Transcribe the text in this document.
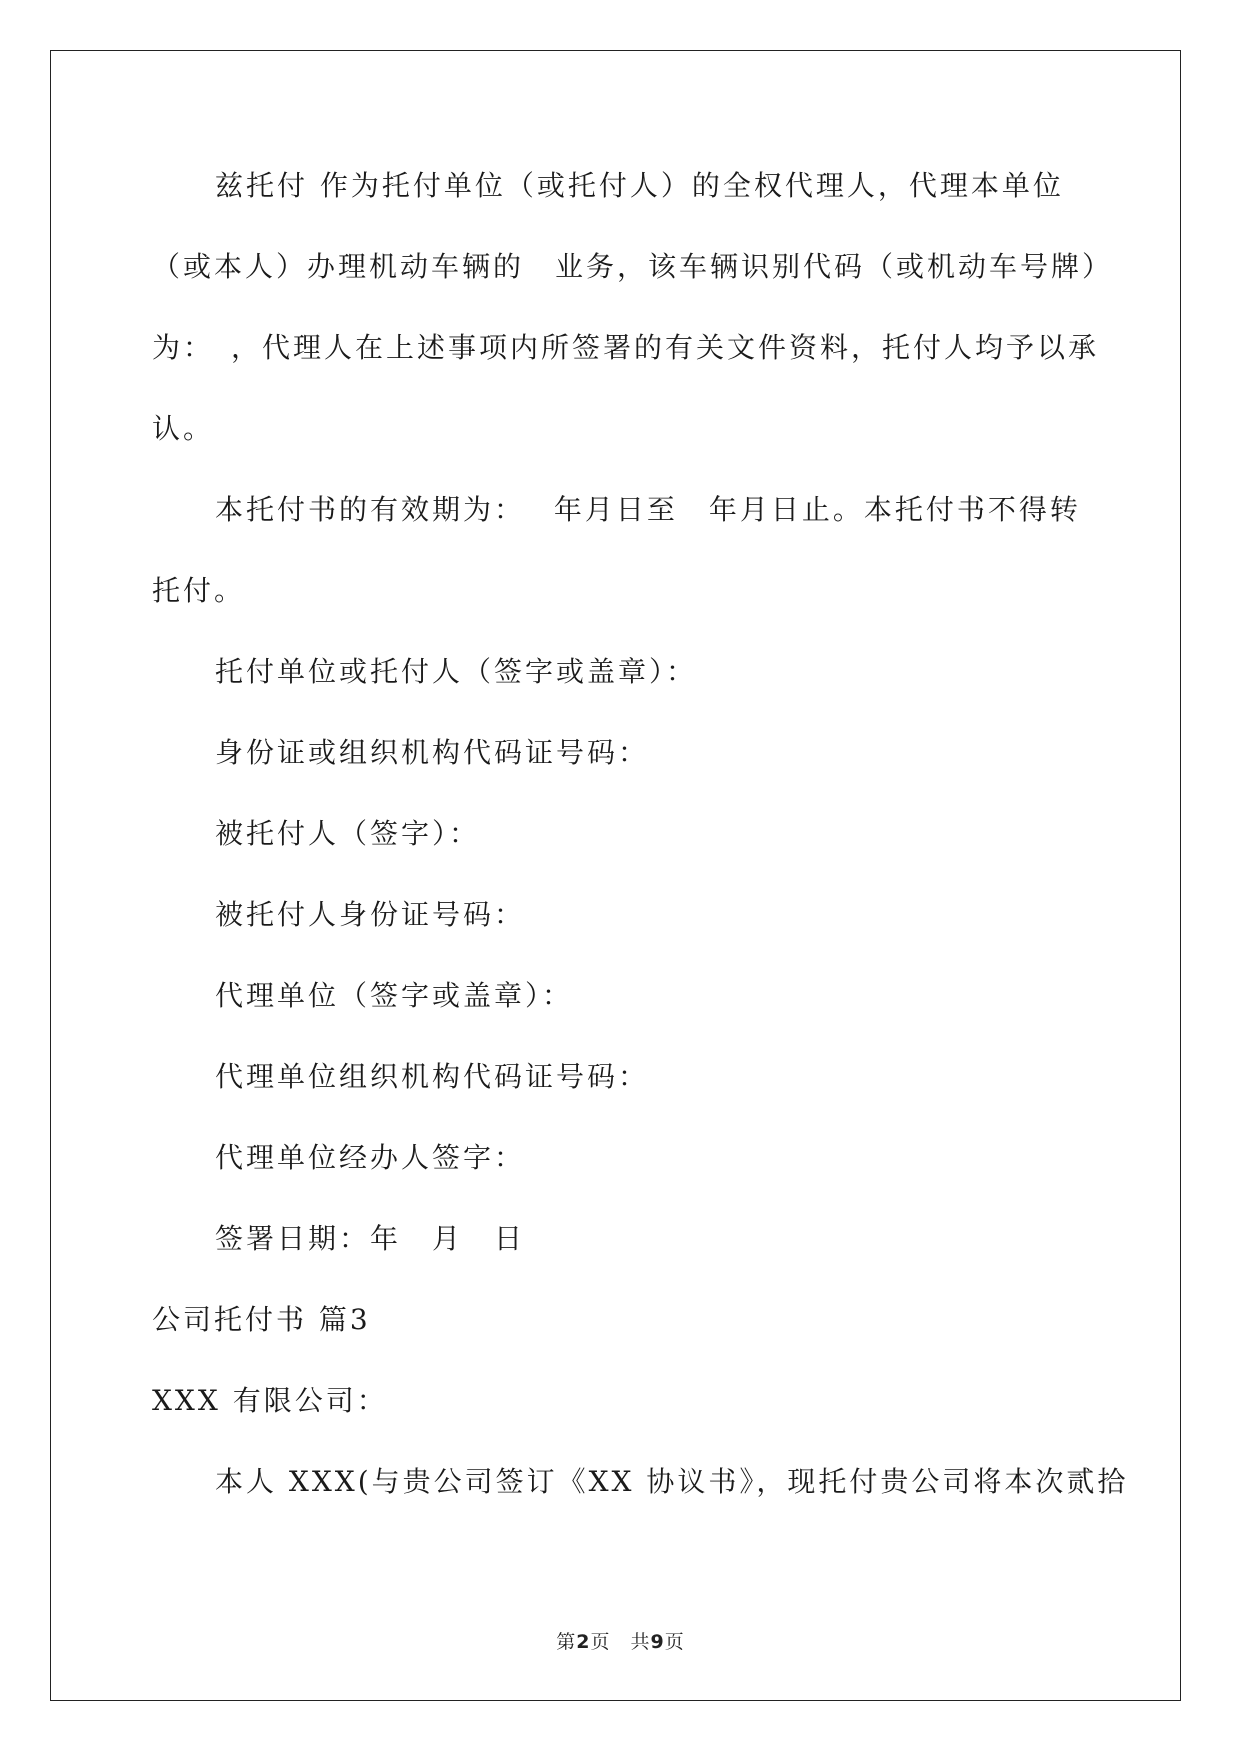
兹托付 作为托付单位（或托付人）的全权代理人，代理本单位
（或本人）办理机动车辆的　业务，该车辆识别代码（或机动车号牌）
为：　，代理人在上述事项内所签署的有关文件资料，托付人均予以承
认。
本托付书的有效期为：　 年月日至　年月日止。本托付书不得转
托付。
托付单位或托付人（签字或盖章）：
身份证或组织机构代码证号码：
被托付人（签字）：
被托付人身份证号码：
代理单位（签字或盖章）：
代理单位组织机构代码证号码：
代理单位经办人签字：
签署日期：年　月　日
公司托付书 篇3
XXX 有限公司：
本人 XXX(与贵公司签订《XX 协议书》，现托付贵公司将本次贰拾
第2页　共9页
